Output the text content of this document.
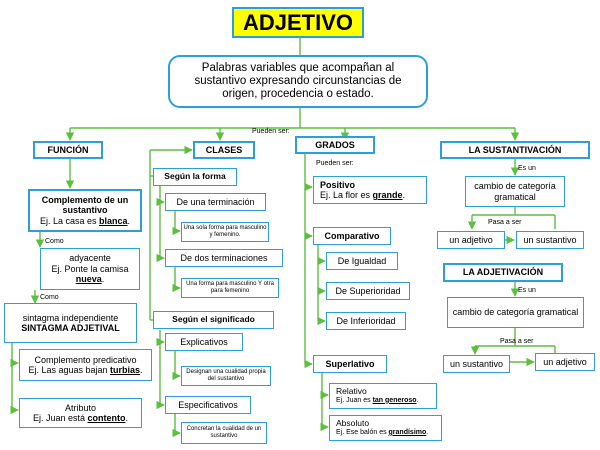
ADJETIVO
Palabras variables que acompañan al sustantivo expresando circunstancias de origen, procedencia o estado.
Pueden ser:
FUNCIÓN
Complemento de un sustantivo
Ej. La casa es blanca.
Como
adyacente
Ej. Ponte la camisa nueva.
Como
sintagma independiente
SINTAGMA ADJETIVAL
Complemento predicativo
Ej. Las aguas bajan turbias.
Atributo
Ej. Juan está contento.
CLASES
Según la forma
De una terminación
Una sola forma para masculino y femenino.
De dos terminaciones
Una forma para masculino Y otra para femenino
Según el significado
Explicativos
Designan una cualidad propia del sustantivo
Especificativos
Concretan la cualidad de un sustantivo
GRADOS
Pueden ser:
Positivo
Ej. La flor es grande.
Comparativo
De Igualdad
De Superioridad
De Inferioridad
Superlativo
Relativo
Ej. Juan es tan generoso.
Absoluto
Ej. Ese balón es grandísimo.
LA SUSTANTIVACIÓN
Es un
cambio de categoría gramatical
Pasa a ser
un adjetivo	un sustantivo
LA ADJETIVACIÓN
Es un
cambio de categoría gramatical
Pasa a ser
un sustantivo	un adjetivo
